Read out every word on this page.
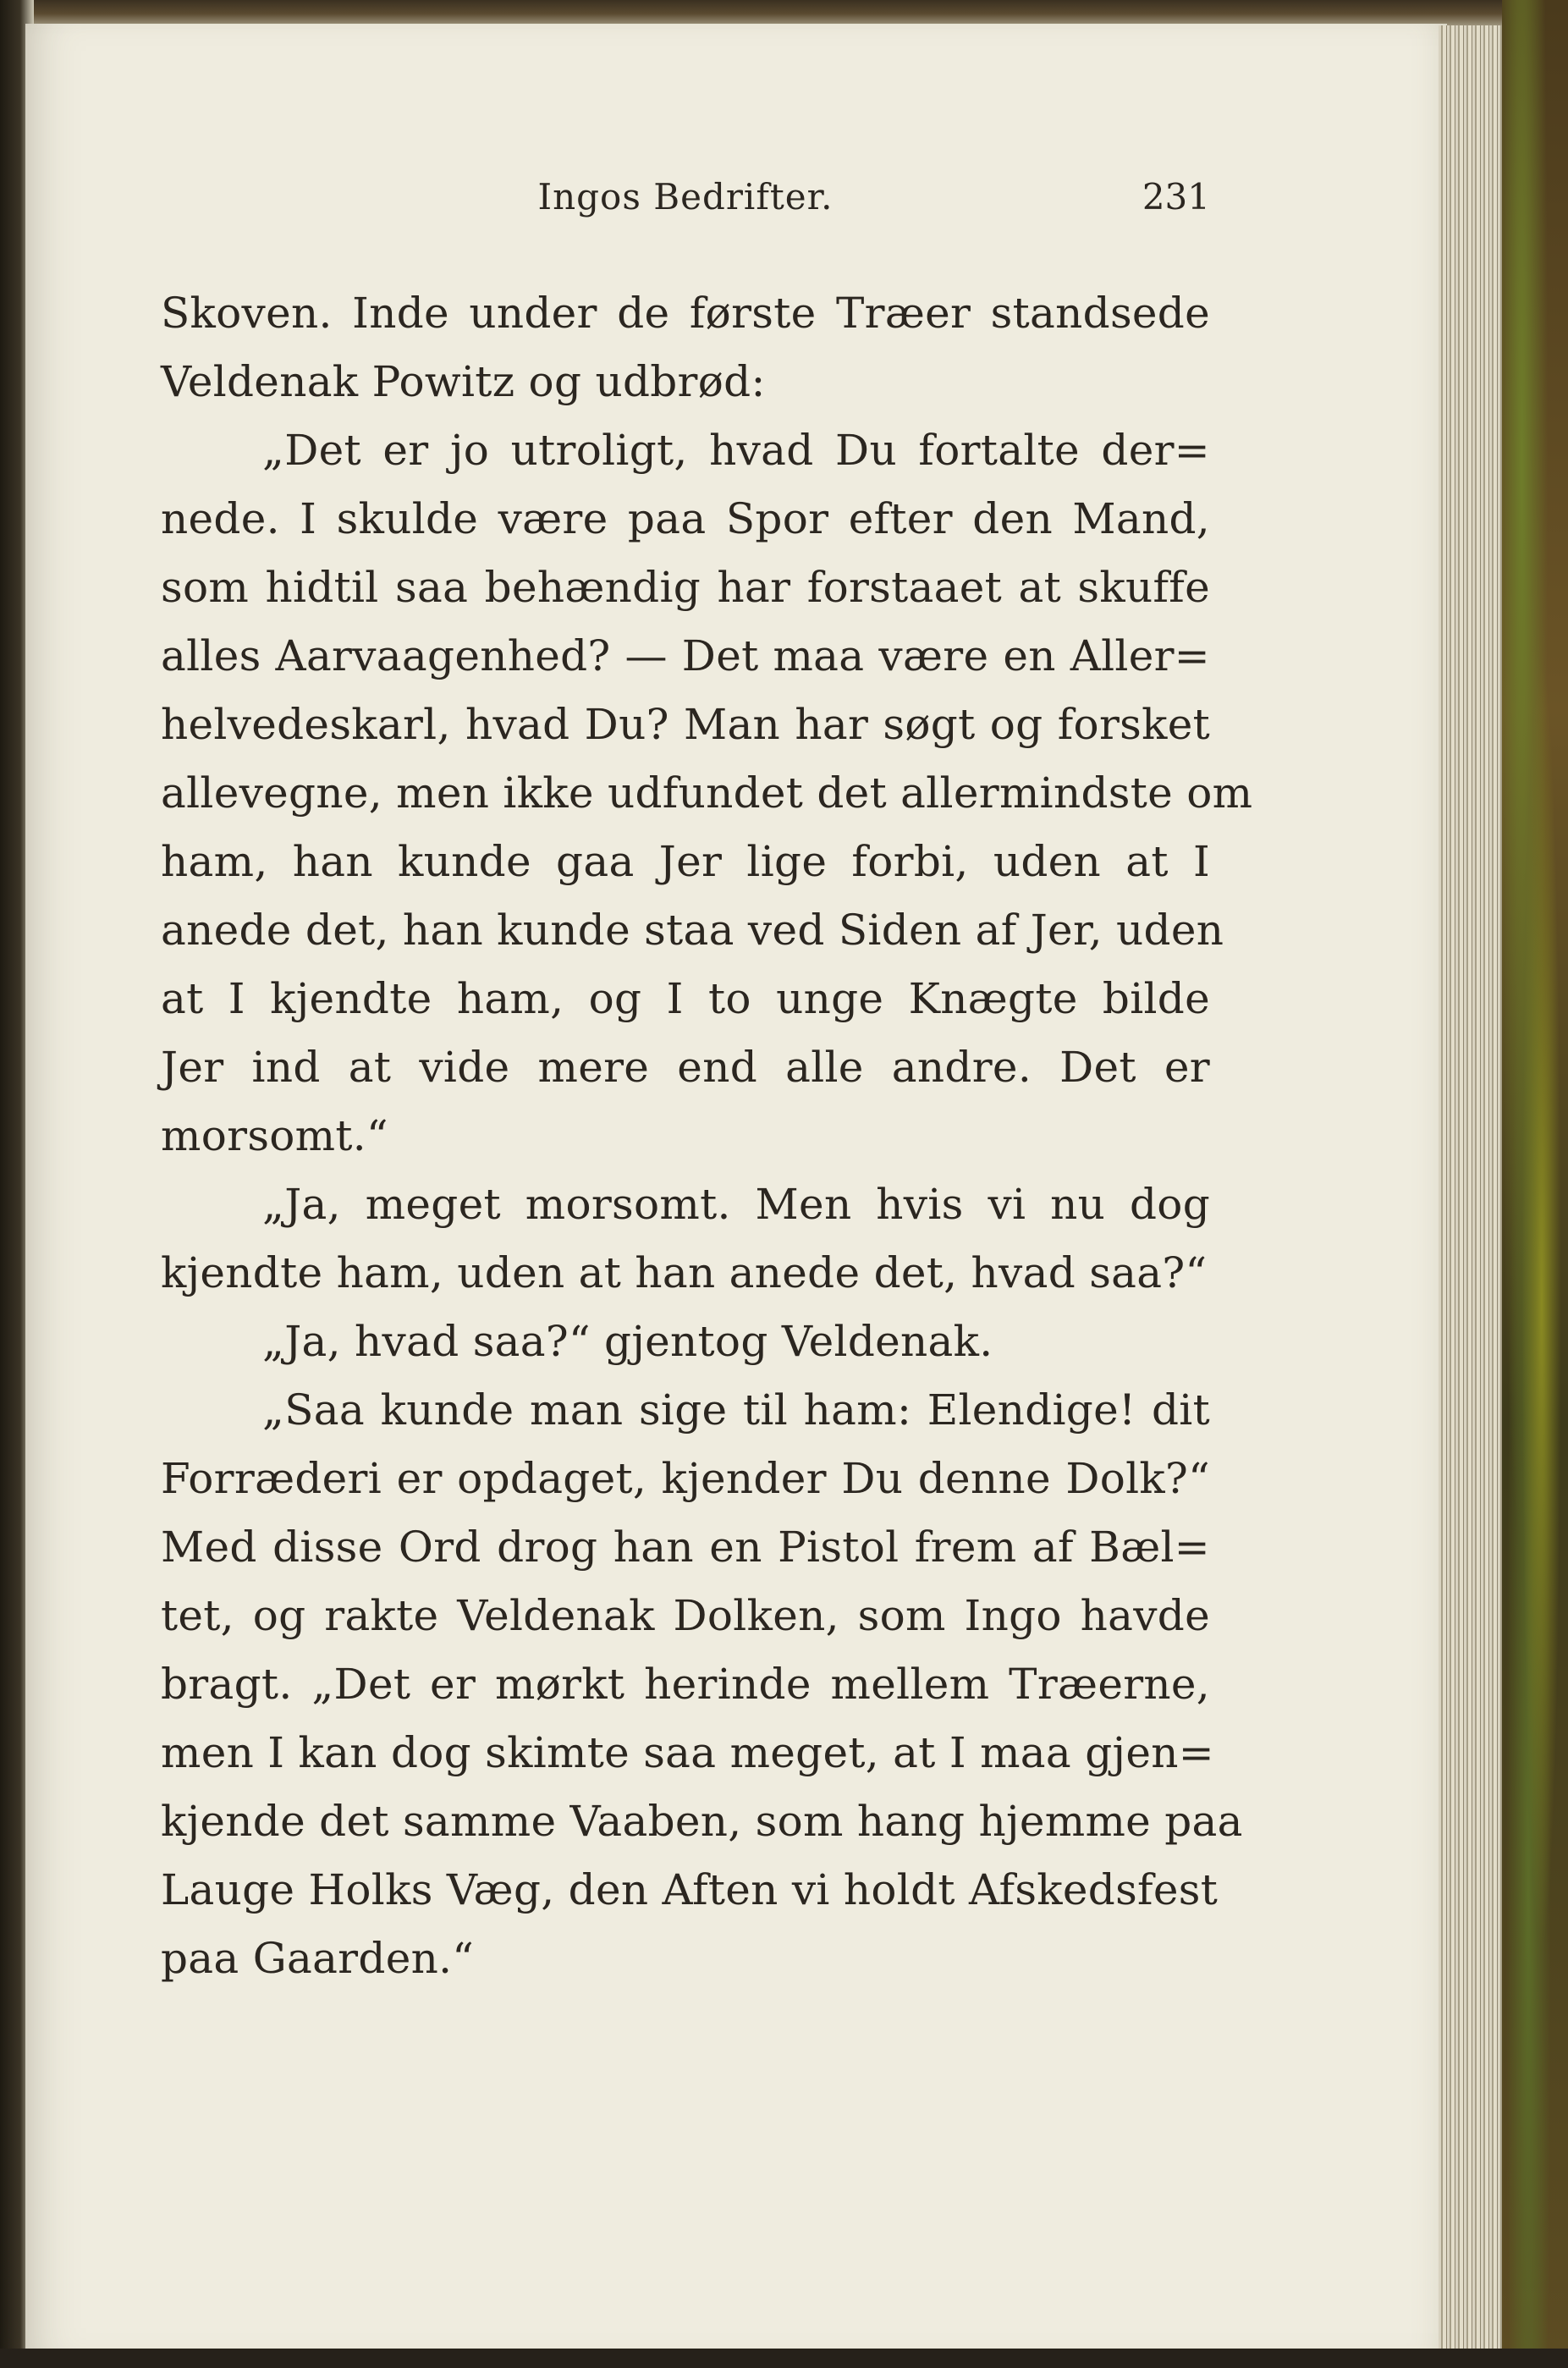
Ingos Bedrifter.	231
Skoven. Inde under de første Træer standsede
Veldenak Powitz og udbrød:
„Det er jo utroligt, hvad Du fortalte der=
nede. I skulde være paa Spor efter den Mand,
som hidtil saa behændig har forstaaet at skuffe
alles Aarvaagenhed? — Det maa være en Aller=
helvedeskarl, hvad Du? Man har søgt og forsket
allevegne, men ikke udfundet det allermindste om
ham, han kunde gaa Jer lige forbi, uden at I
anede det, han kunde staa ved Siden af Jer, uden
at I kjendte ham, og I to unge Knægte bilde
Jer ind at vide mere end alle andre. Det er
morsomt.“
„Ja, meget morsomt. Men hvis vi nu dog
kjendte ham, uden at han anede det, hvad saa?“
„Ja, hvad saa?“ gjentog Veldenak.
„Saa kunde man sige til ham: Elendige! dit
Forræderi er opdaget, kjender Du denne Dolk?“
Med disse Ord drog han en Pistol frem af Bæl=
tet, og rakte Veldenak Dolken, som Ingo havde
bragt. „Det er mørkt herinde mellem Træerne,
men I kan dog skimte saa meget, at I maa gjen=
kjende det samme Vaaben, som hang hjemme paa
Lauge Holks Væg, den Aften vi holdt Afskedsfest
paa Gaarden.“
